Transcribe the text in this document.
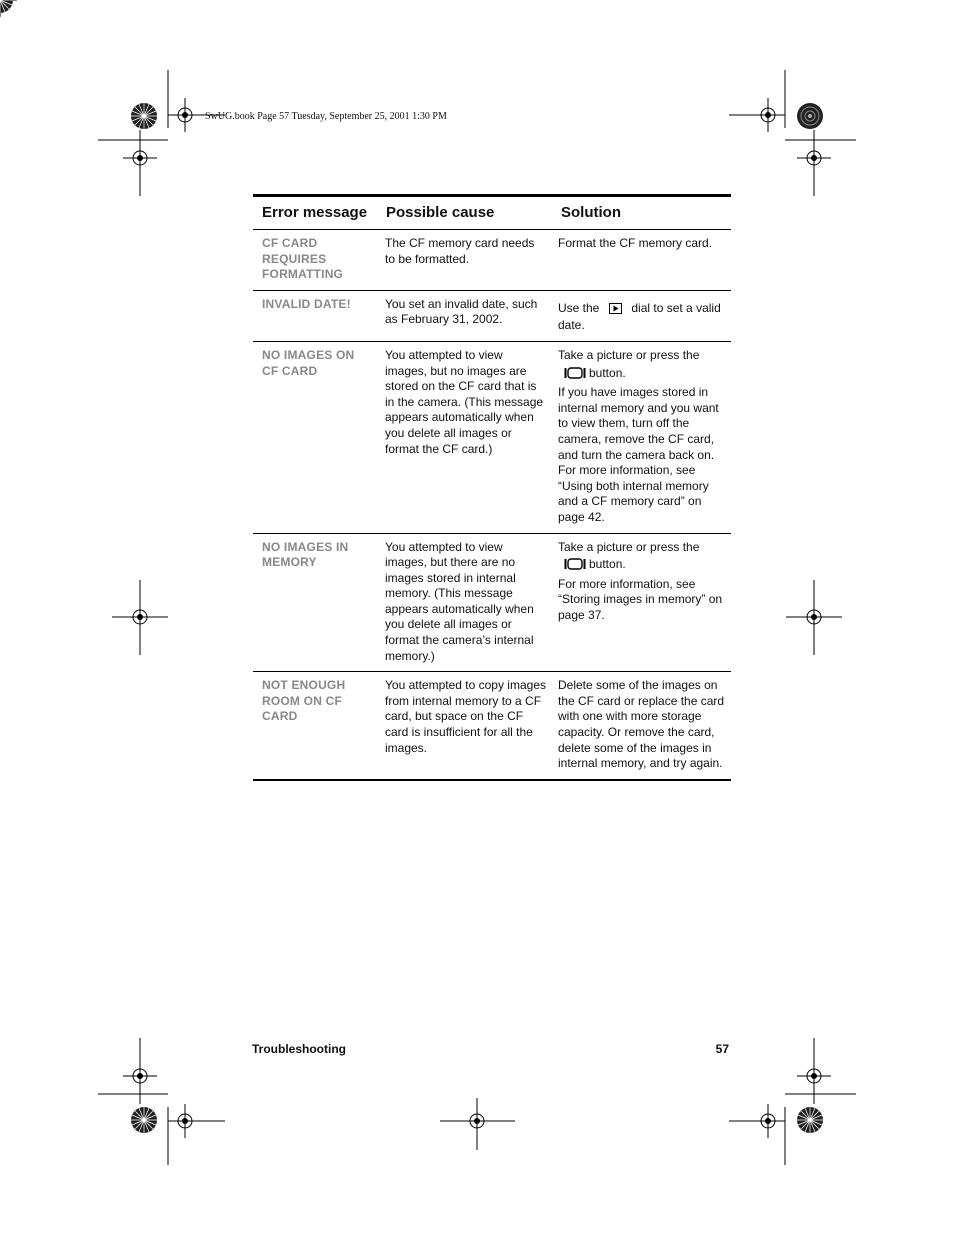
SwUG.book Page 57 Tuesday, September 25, 2001 1:30 PM
Error message	Possible cause	Solution
CF CARD REQUIRES FORMATTING	The CF memory card needs to be formatted.	Format the CF memory card.

INVALID DATE!	You set an invalid date, such as February 31, 2002.	Use the dial to set a valid date.
NO IMAGES ON CF CARD	You attempted to view images, but no images are stored on the CF card that is in the camera. (This message appears automatically when you delete all images or format the CF card.)	Take a picture or press the

button.

If you have images stored in internal memory and you want to view them, turn off the camera, remove the CF card, and turn the camera back on. For more information, see “Using both internal memory and a CF memory card” on page 42.

NO IMAGES IN MEMORY	You attempted to view images, but there are no images stored in internal memory. (This message appears automatically when you delete all images or format the camera’s internal memory.)	Take a picture or press the

button.

For more information, see “Storing images in memory” on page 37.

NOT ENOUGH ROOM ON CF CARD	You attempted to copy images from internal memory to a CF card, but space on the CF card is insufficient for all the images.	Delete some of the images on the CF card or replace the card with one with more storage capacity. Or remove the card, delete some of the images in internal memory, and try again.

Troubleshooting	57
